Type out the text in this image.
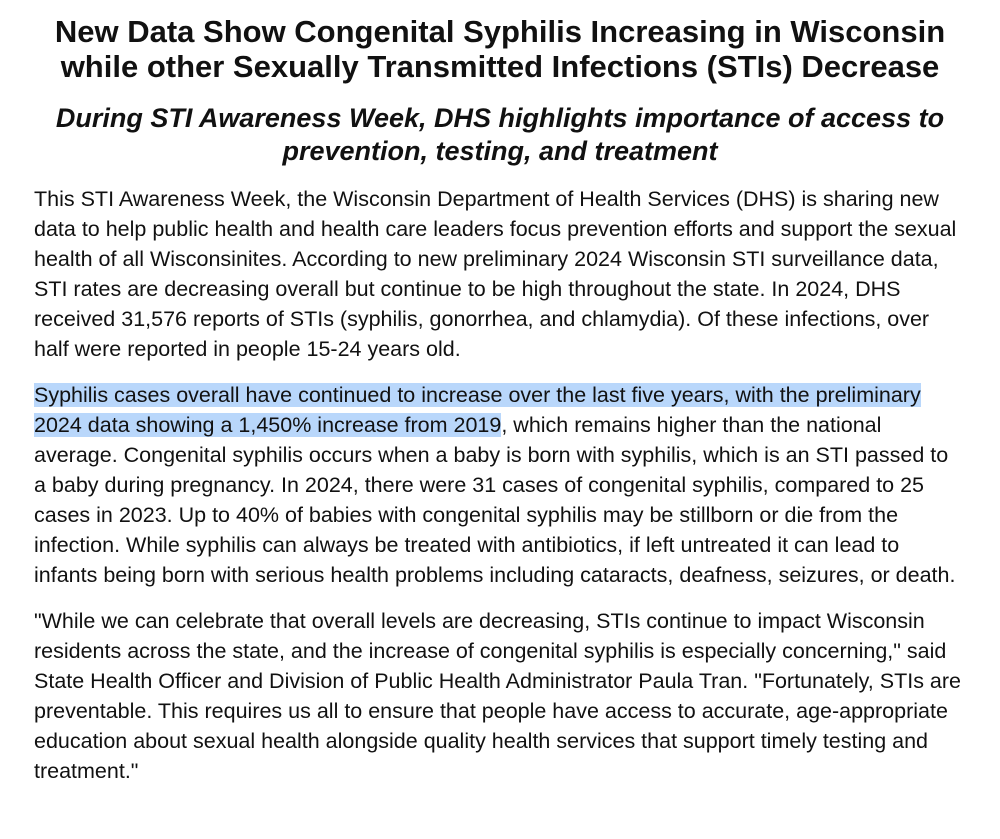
New Data Show Congenital Syphilis Increasing in Wisconsin while other Sexually Transmitted Infections (STIs) Decrease
During STI Awareness Week, DHS highlights importance of access to prevention, testing, and treatment

This STI Awareness Week, the Wisconsin Department of Health Services (DHS) is sharing new data to help public health and health care leaders focus prevention efforts and support the sexual health of all Wisconsinites. According to new preliminary 2024 Wisconsin STI surveillance data, STI rates are decreasing overall but continue to be high throughout the state. In 2024, DHS received 31,576 reports of STIs (syphilis, gonorrhea, and chlamydia). Of these infections, over half were reported in people 15-24 years old.

Syphilis cases overall have continued to increase over the last five years, with the preliminary 2024 data showing a 1,450% increase from 2019, which remains higher than the national average. Congenital syphilis occurs when a baby is born with syphilis, which is an STI passed to a baby during pregnancy. In 2024, there were 31 cases of congenital syphilis, compared to 25 cases in 2023. Up to 40% of babies with congenital syphilis may be stillborn or die from the infection. While syphilis can always be treated with antibiotics, if left untreated it can lead to infants being born with serious health problems including cataracts, deafness, seizures, or death.

"While we can celebrate that overall levels are decreasing, STIs continue to impact Wisconsin residents across the state, and the increase of congenital syphilis is especially concerning," said State Health Officer and Division of Public Health Administrator Paula Tran. "Fortunately, STIs are preventable. This requires us all to ensure that people have access to accurate, age-appropriate education about sexual health alongside quality health services that support timely testing and treatment."
